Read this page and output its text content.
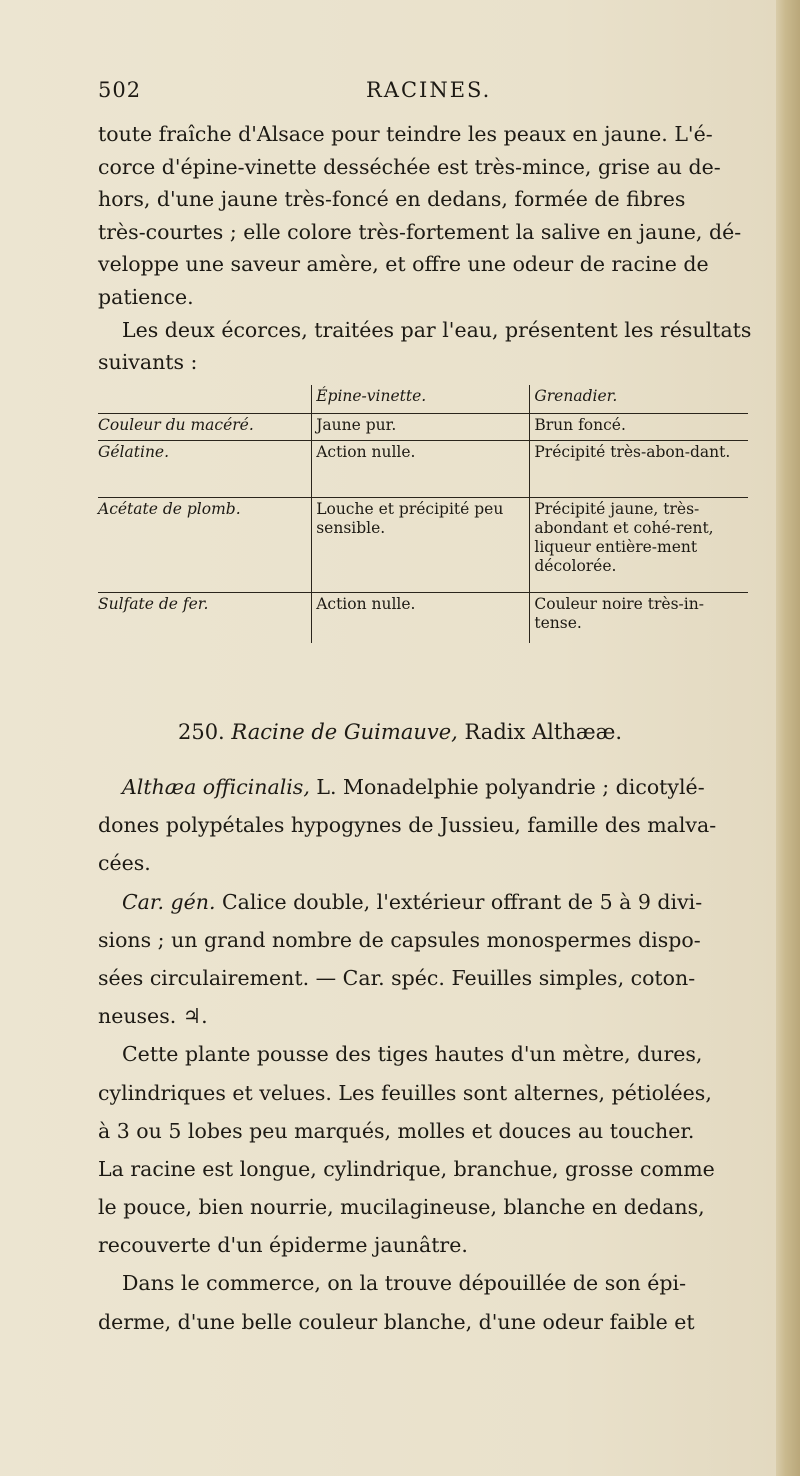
502	RACINES.
toute fraîche d'Alsace pour teindre les peaux en jaune. L'é-
corce d'épine-vinette desséchée est très-mince, grise au de-
hors, d'une jaune très-foncé en dedans, formée de fibres
très-courtes ; elle colore très-fortement la salive en jaune, dé-
veloppe une saveur amère, et offre une odeur de racine de
patience.
Les deux écorces, traitées par l'eau, présentent les résultats
suivants :
	Épine-vinette.	Grenadier.
Couleur du macéré.	Jaune pur.	Brun foncé.
Gélatine.	Action nulle.	Précipité très-abon-dant.
Acétate de plomb.	Louche et précipité peu sensible.	Précipité jaune, très-abondant et cohé-rent, liqueur entière-ment décolorée.
Sulfate de fer.	Action nulle.	Couleur noire très-in-tense.
250. Racine de Guimauve, Radix Althææ.
Althæa officinalis, L. Monadelphie polyandrie ; dicotylé-
dones polypétales hypogynes de Jussieu, famille des malva-
cées.
Car. gén. Calice double, l'extérieur offrant de 5 à 9 divi-
sions ; un grand nombre de capsules monospermes dispo-
sées circulairement. — Car. spéc. Feuilles simples, coton-
neuses. ♃.
Cette plante pousse des tiges hautes d'un mètre, dures,
cylindriques et velues. Les feuilles sont alternes, pétiolées,
à 3 ou 5 lobes peu marqués, molles et douces au toucher.
La racine est longue, cylindrique, branchue, grosse comme
le pouce, bien nourrie, mucilagineuse, blanche en dedans,
recouverte d'un épiderme jaunâtre.
Dans le commerce, on la trouve dépouillée de son épi-
derme, d'une belle couleur blanche, d'une odeur faible et
